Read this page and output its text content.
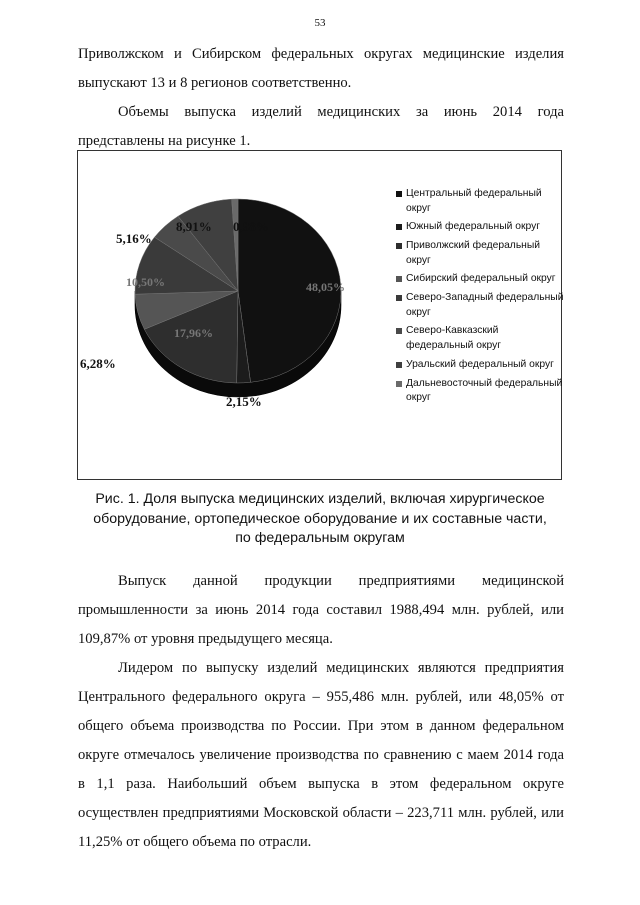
53

Приволжском и Сибирском федеральных округах медицинские изделия выпускают 13 и 8 регионов соответственно.

Объемы выпуска изделий медицинских за июнь 2014 года представлены на рисунке 1.

48,05%
2,15%
17,96%
6,28%
10,50%
5,16%
8,91% 0,98%
Центральный федеральный округ
Южный федеральный округ
Приволжский федеральный округ
Сибирский федеральный округ
Северо-Западный федеральный округ
Северо-Кавказский федеральный округ
Уральский федеральный округ
Дальневосточный федеральный округ
Рис. 1. Доля выпуска медицинских изделий, включая хирургическое
оборудование, ортопедическое оборудование и их составные части,
по федеральным округам

Выпуск данной продукции предприятиями медицинской промышленности за июнь 2014 года составил 1988,494 млн. рублей, или 109,87% от уровня предыдущего месяца.

Лидером по выпуску изделий медицинских являются предприятия Центрального федерального округа – 955,486 млн. рублей, или 48,05% от общего объема производства по России. При этом в данном федеральном округе отмечалось увеличение производства по сравнению с маем 2014 года в 1,1 раза. Наибольший объем выпуска в этом федеральном округе осуществлен предприятиями Московской области – 223,711 млн. рублей, или 11,25% от общего объема по отрасли.
